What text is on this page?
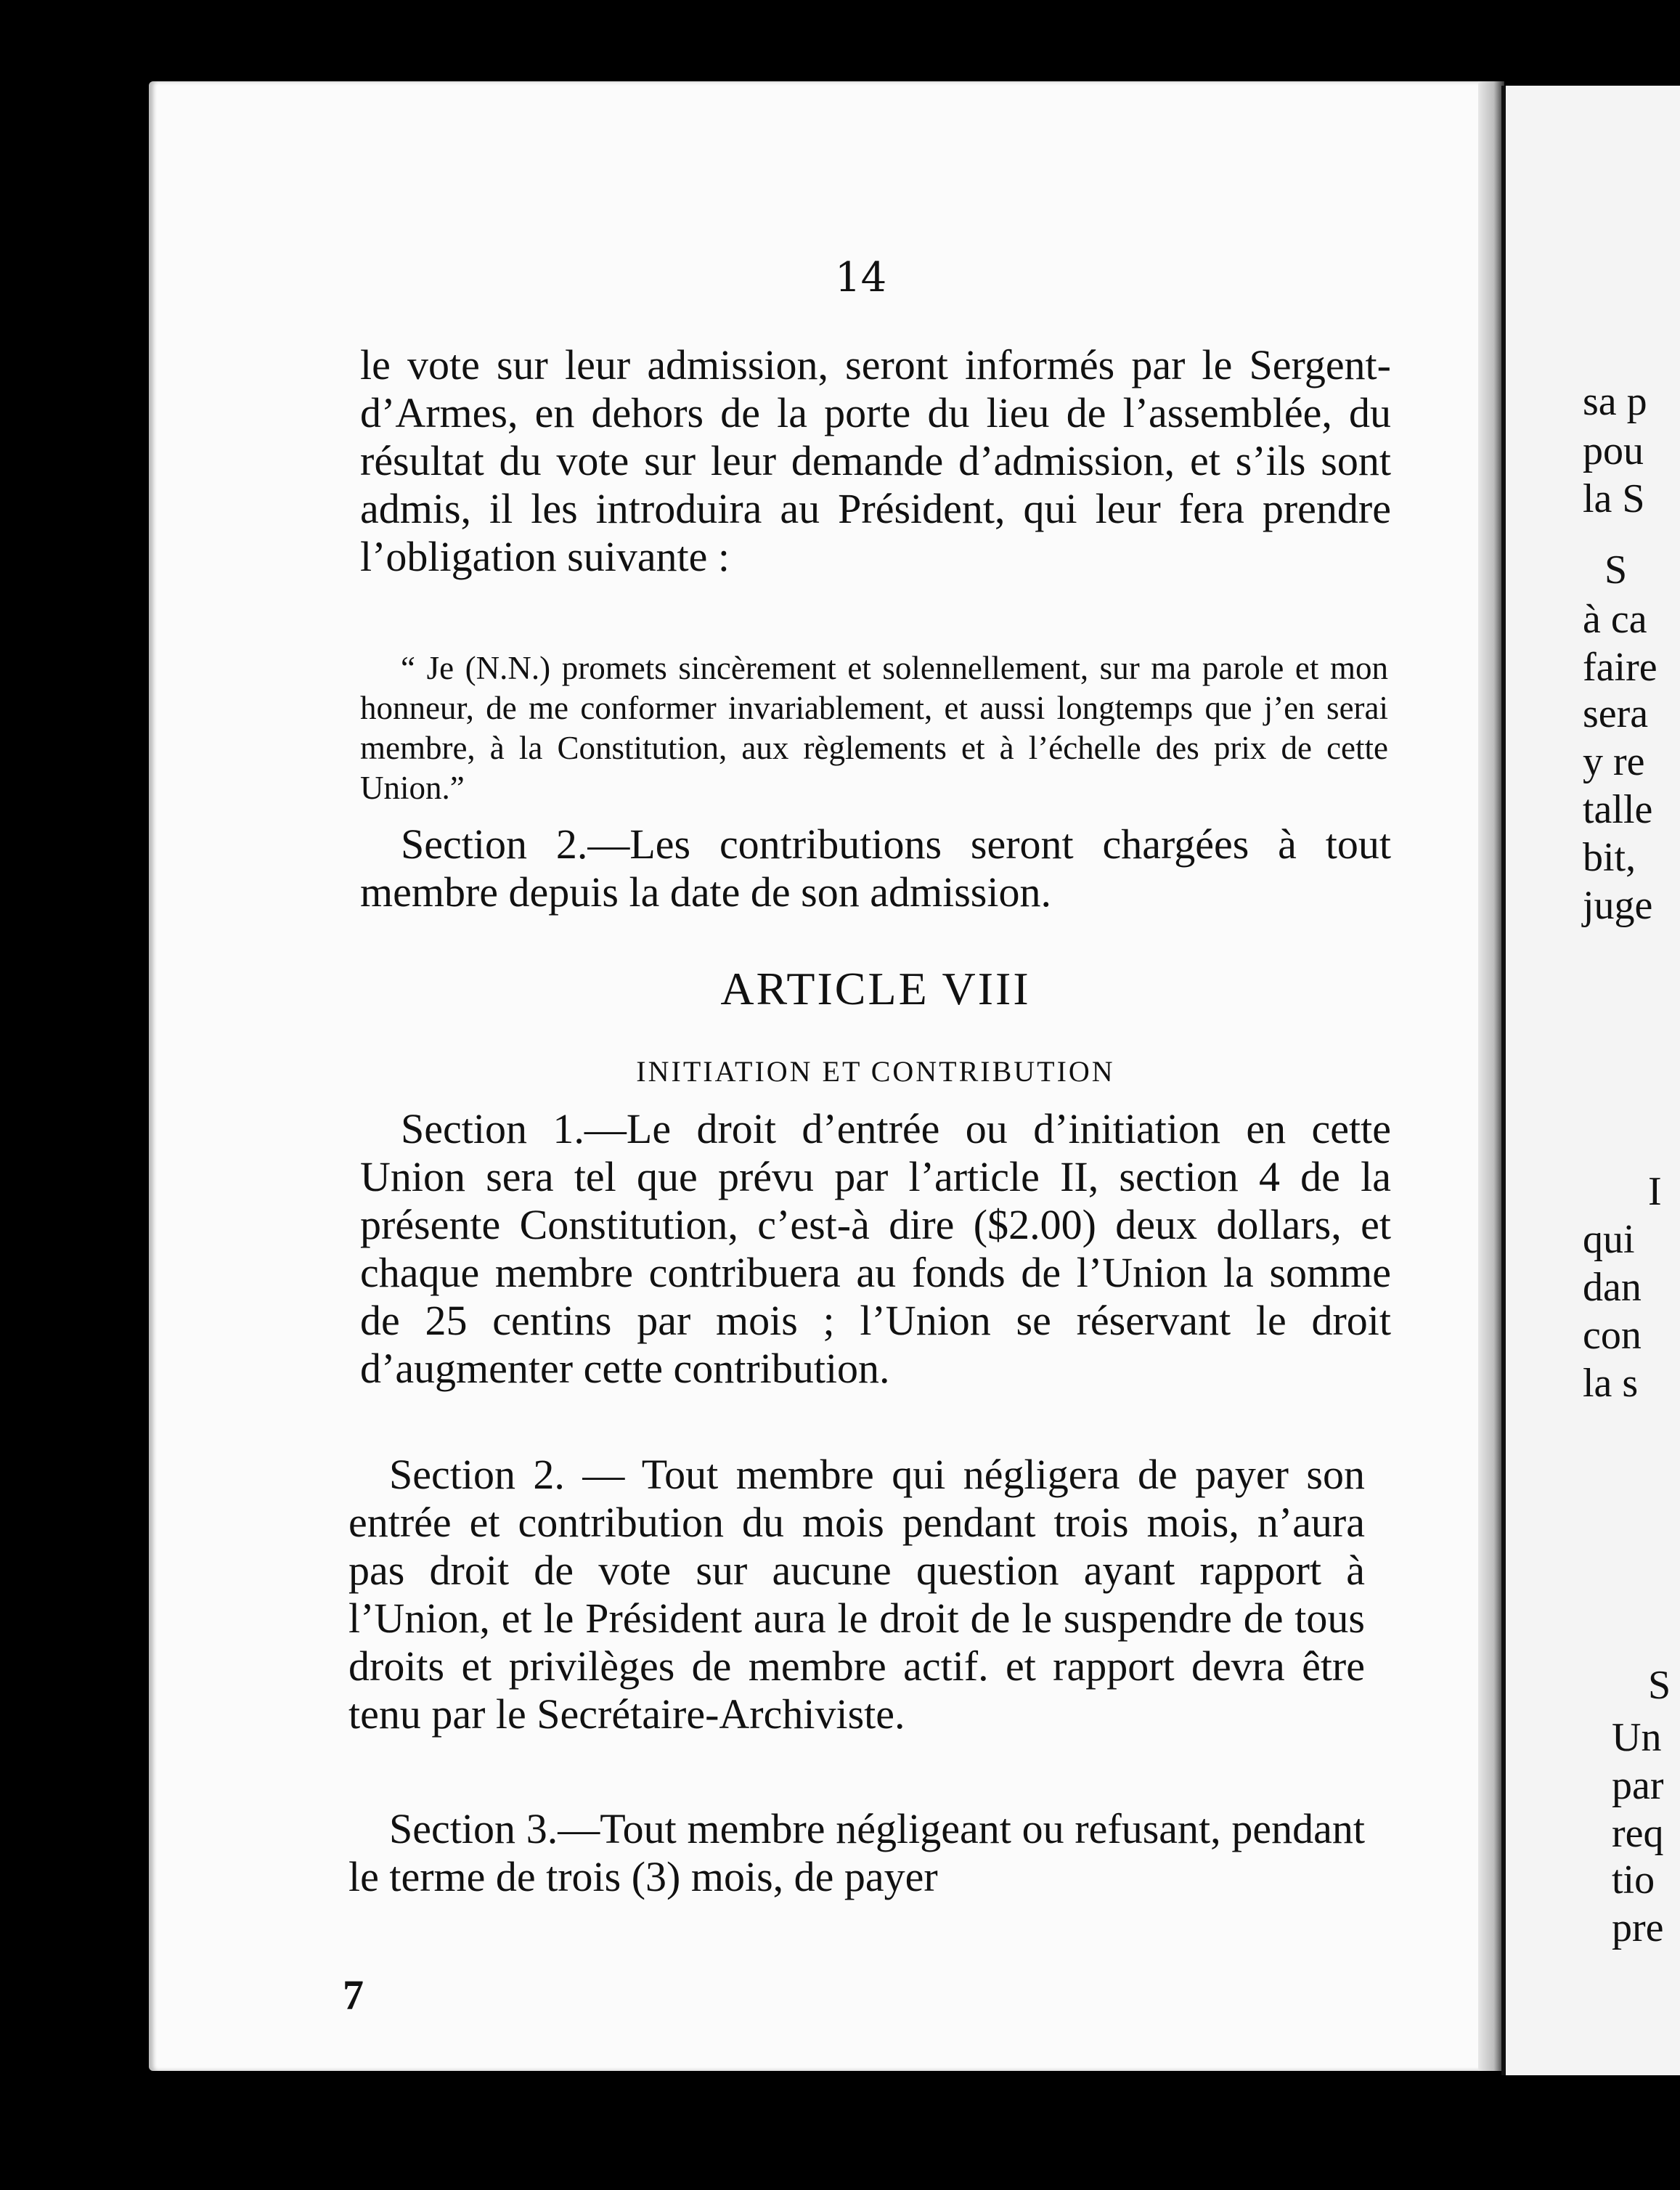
14

le vote sur leur admission, seront informés par le Sergent-d’Armes, en dehors de la porte du lieu de l’assemblée, du résultat du vote sur leur demande d’admission, et s’ils sont admis, il les introduira au Président, qui leur fera prendre l’obligation suivante :

“ Je (N.N.) promets sincèrement et solennellement, sur ma parole et mon honneur, de me conformer invariablement, et aussi longtemps que j’en serai membre, à la Constitution, aux règlements et à l’échelle des prix de cette Union.”

Section 2.—Les contributions seront chargées à tout membre depuis la date de son admission.

ARTICLE VIII
INITIATION ET CONTRIBUTION

Section 1.—Le droit d’entrée ou d’initiation en cette Union sera tel que prévu par l’article II, section 4 de la présente Constitution, c’est-à dire ($2.00) deux dollars, et chaque membre contribuera au fonds de l’Union la somme de 25 centins par mois ; l’Union se réservant le droit d’augmenter cette contribution.

Section 2. — Tout membre qui négligera de payer son entrée et contribution du mois pendant trois mois, n’aura pas droit de vote sur aucune question ayant rapport à l’Union, et le Président aura le droit de le suspendre de tous droits et privilèges de membre actif. et rapport devra être tenu par le Secrétaire-Archiviste.

Section 3.—Tout membre négligeant ou refusant, pendant le terme de trois (3) mois, de payer

7
sa p
pou
la S
S
à ca
faire
sera
y re
talle
bit,
juge
I
qui
dan
con
la s
S
Un
par
req
tio
pre
